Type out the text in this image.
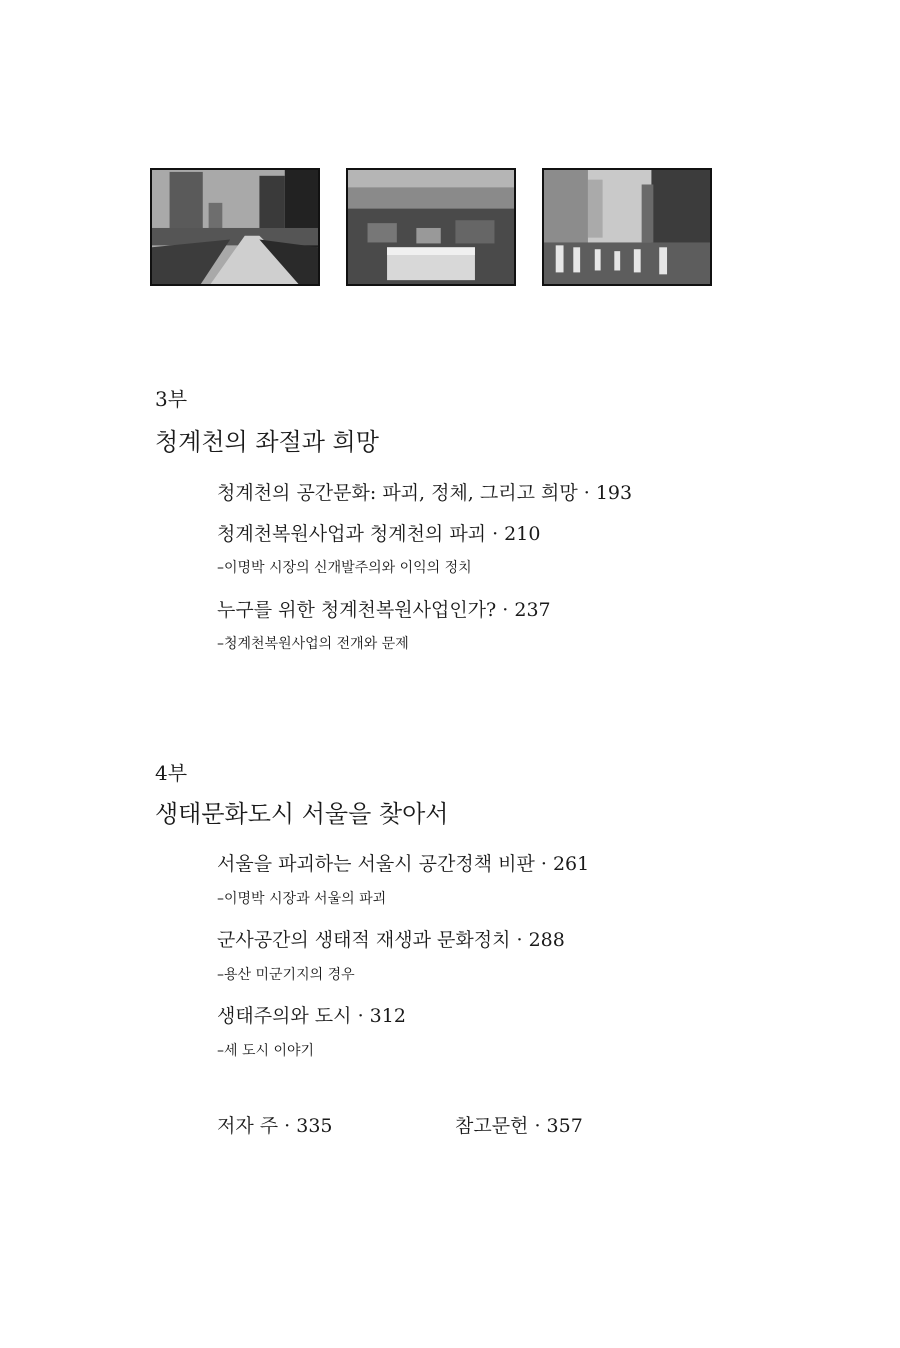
3부
청계천의 좌절과 희망
청계천의 공간문화: 파괴, 정체, 그리고 희망 · 193
청계천복원사업과 청계천의 파괴 · 210
–이명박 시장의 신개발주의와 이익의 정치
누구를 위한 청계천복원사업인가? · 237
–청계천복원사업의 전개와 문제
4부
생태문화도시 서울을 찾아서
서울을 파괴하는 서울시 공간정책 비판 · 261
–이명박 시장과 서울의 파괴
군사공간의 생태적 재생과 문화정치 · 288
–용산 미군기지의 경우
생태주의와 도시 · 312
–세 도시 이야기
저자 주 · 335	참고문헌 · 357
